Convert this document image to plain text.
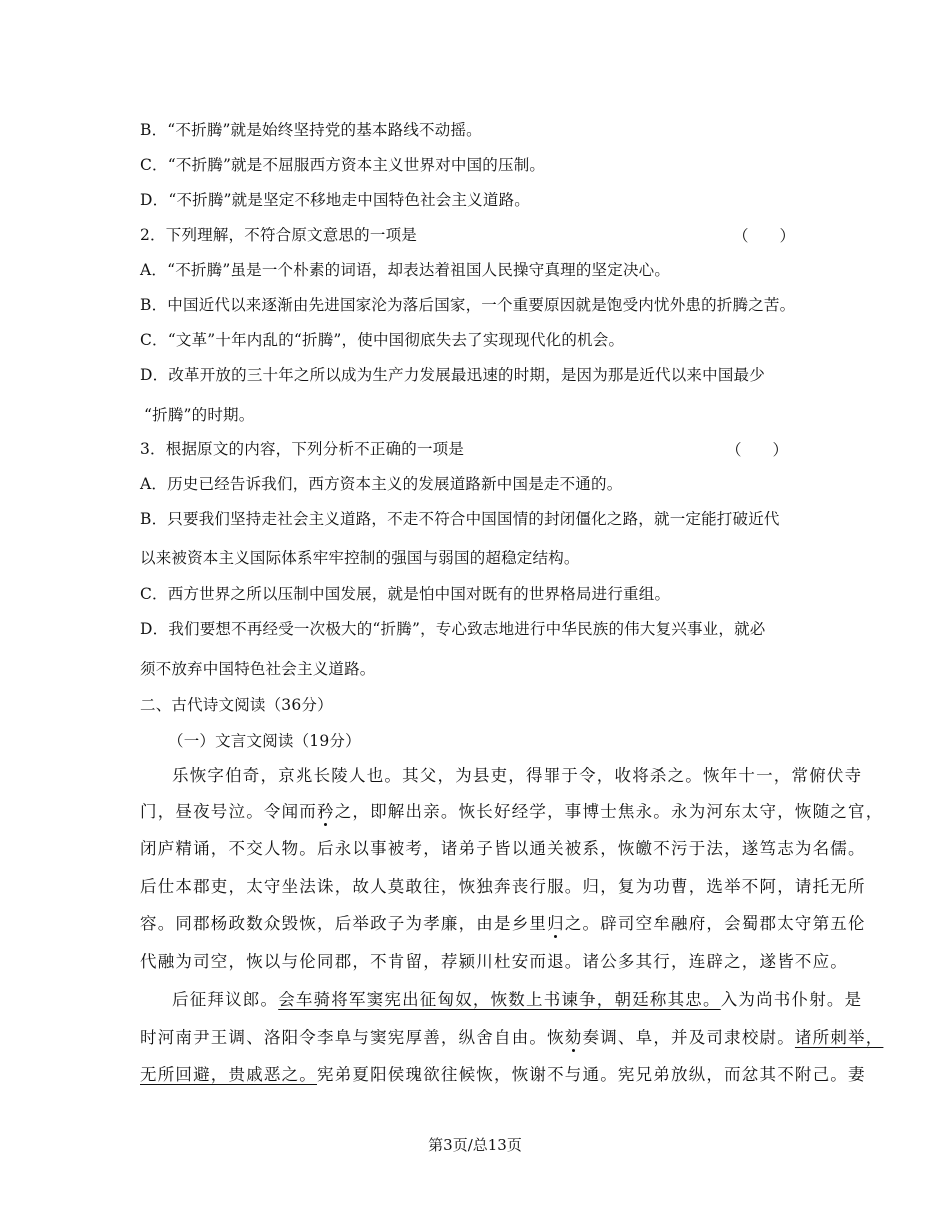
B．“不折腾”就是始终坚持党的基本路线不动摇。
C．“不折腾”就是不屈服西方资本主义世界对中国的压制。
D．“不折腾”就是坚定不移地走中国特色社会主义道路。
2．下列理解，不符合原文意思的一项是	（　　）
A．“不折腾”虽是一个朴素的词语，却表达着祖国人民操守真理的坚定决心。
B．中国近代以来逐渐由先进国家沦为落后国家，一个重要原因就是饱受内忧外患的折腾之苦。
C．“文革”十年内乱的“折腾”，使中国彻底失去了实现现代化的机会。
D．改革开放的三十年之所以成为生产力发展最迅速的时期，是因为那是近代以来中国最少
“折腾”的时期。
3．根据原文的内容，下列分析不正确的一项是	（　　）
A．历史已经告诉我们，西方资本主义的发展道路新中国是走不通的。
B．只要我们坚持走社会主义道路，不走不符合中国国情的封闭僵化之路，就一定能打破近代
以来被资本主义国际体系牢牢控制的强国与弱国的超稳定结构。
C．西方世界之所以压制中国发展，就是怕中国对既有的世界格局进行重组。
D．我们要想不再经受一次极大的“折腾”，专心致志地进行中华民族的伟大复兴事业，就必
须不放弃中国特色社会主义道路。
二、古代诗文阅读（36分）
（一）文言文阅读（19分）
乐恢字伯奇，京兆长陵人也。其父，为县吏，得罪于令，收将杀之。恢年十一，常俯伏寺
门，昼夜号泣。令闻而矜之，即解出亲。恢长好经学，事博士焦永。永为河东太守，恢随之官，
闭庐精诵，不交人物。后永以事被考，诸弟子皆以通关被系，恢皦不污于法，遂笃志为名儒。
后仕本郡吏，太守坐法诛，故人莫敢往，恢独奔丧行服。归，复为功曹，选举不阿，请托无所
容。同郡杨政数众毁恢，后举政子为孝廉，由是乡里归之。辟司空牟融府，会蜀郡太守第五伦
代融为司空，恢以与伦同郡，不肯留，荐颍川杜安而退。诸公多其行，连辟之，遂皆不应。
后征拜议郎。会车骑将军窦宪出征匈奴，恢数上书谏争，朝廷称其忠。入为尚书仆射。是
时河南尹王调、洛阳令李阜与窦宪厚善，纵舍自由。恢劾奏调、阜，并及司隶校尉。诸所刺举，
无所回避，贵戚恶之。宪弟夏阳侯瑰欲往候恢，恢谢不与通。宪兄弟放纵，而忿其不附己。妻
第3页/总13页
